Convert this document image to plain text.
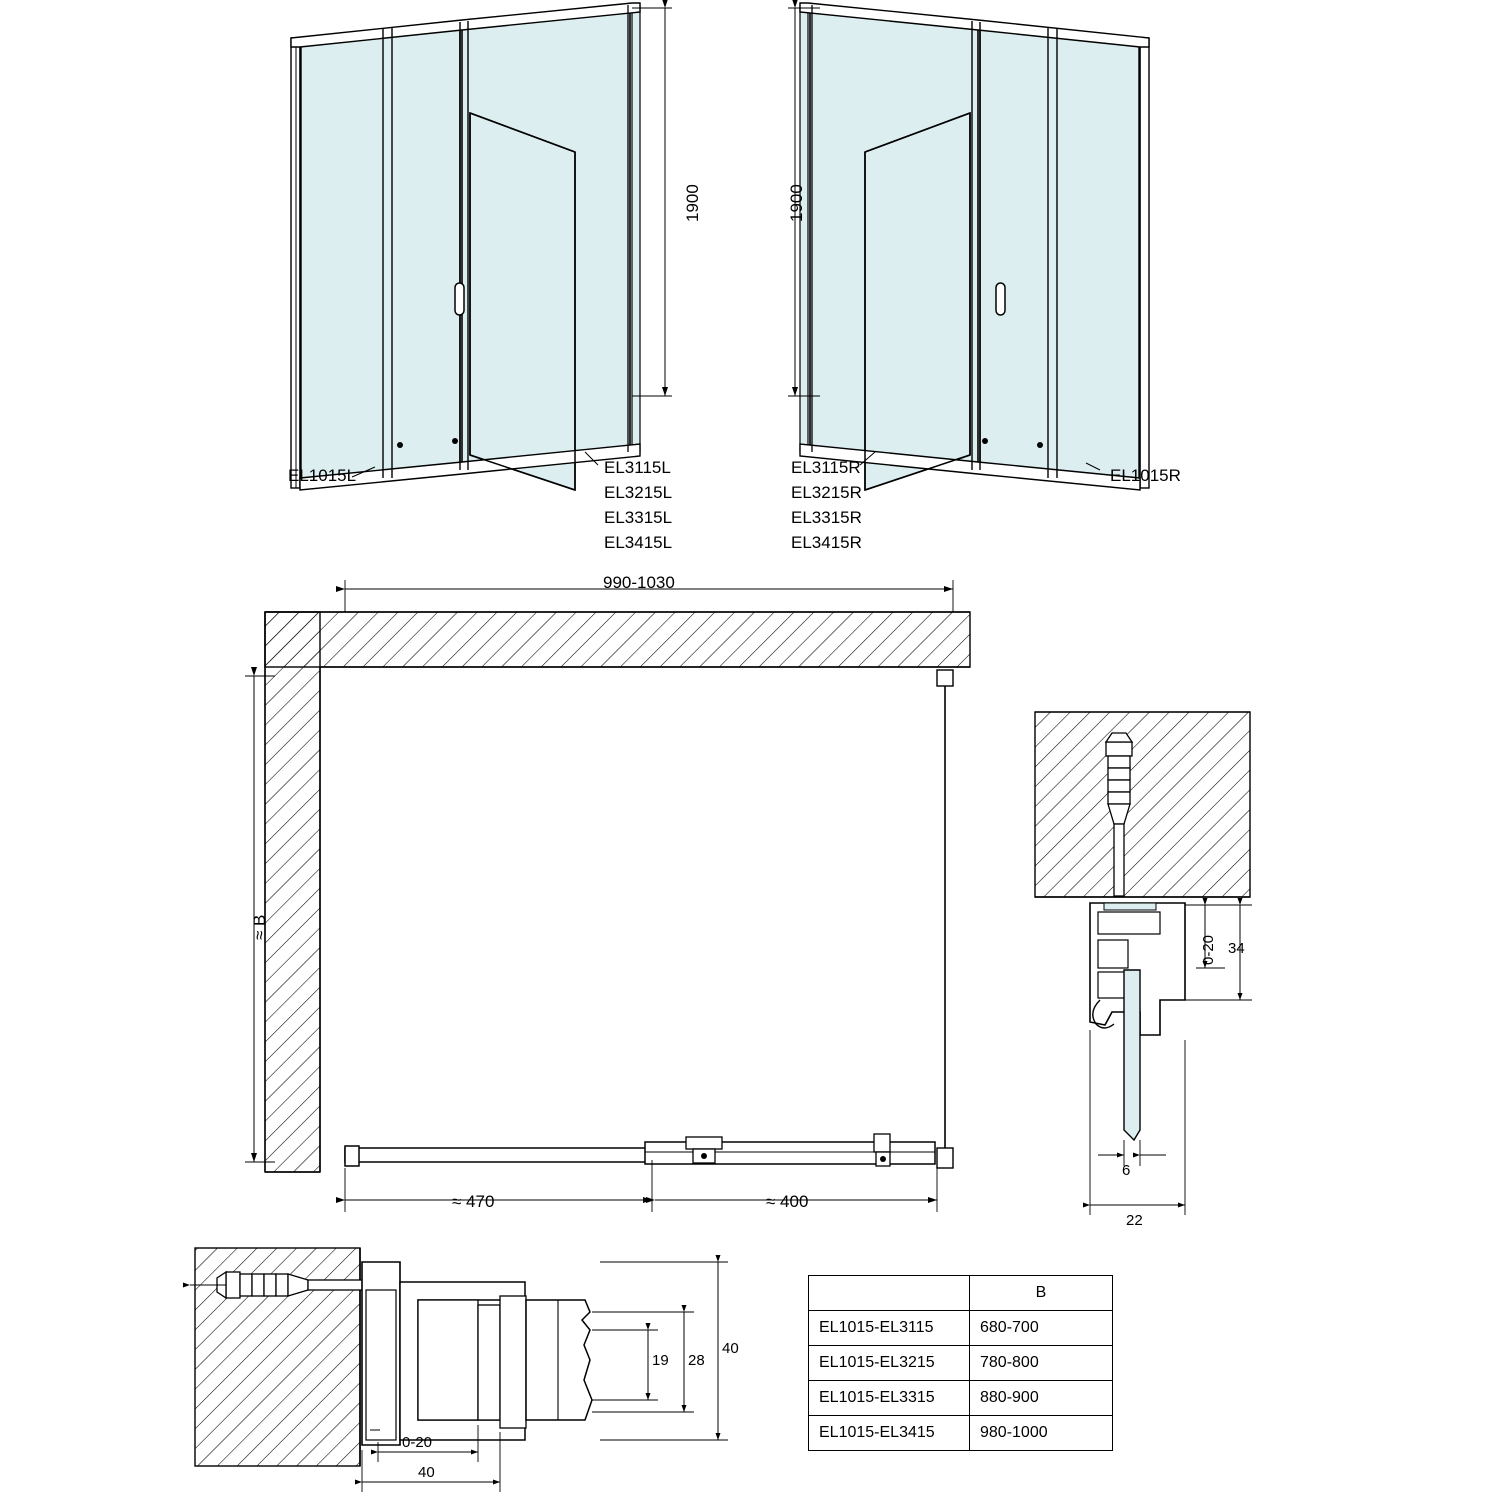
1900	1900
EL1015L	EL3115L
EL3215L
EL3315L
EL3415L
EL3115R
EL3215R
EL3315R
EL3415R
EL1015R
990-1030
≈ B
≈ 470	≈ 400
0-20 34
6
22
0-20
40
19 28
40
	B
EL1015-EL3115	680-700
EL1015-EL3215	780-800
EL1015-EL3315	880-900
EL1015-EL3415	980-1000
